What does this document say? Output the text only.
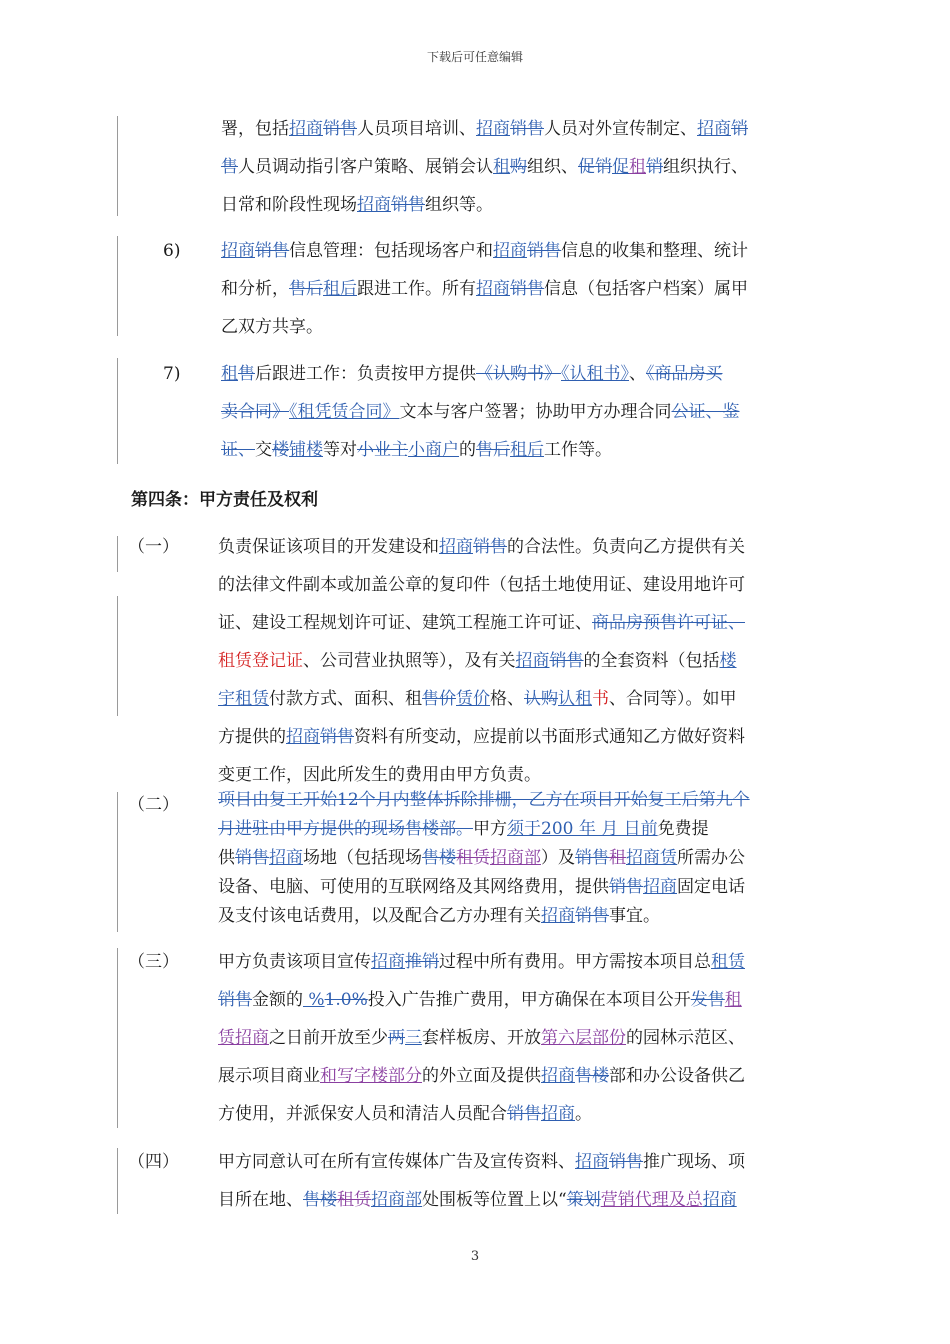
下载后可任意编辑
署，包括招商销售人员项目培训、招商销售人员对外宣传制定、招商销
售人员调动指引客户策略、展销会认租购组织、促销促租销组织执行、
日常和阶段性现场招商销售组织等。
6) 招商销售信息管理：包括现场客户和招商销售信息的收集和整理、统计
和分析，售后租后跟进工作。所有招商销售信息（包括客户档案）属甲
乙双方共享。
7) 租售后跟进工作：负责按甲方提供《认购书》《认租书》、《商品房买
卖合同》《租凭赁合同》文本与客户签署；协助甲方办理合同公证、鉴
证、交楼铺楼等对小业主小商户的售后租后工作等。
第四条：甲方责任及权利
（一） 负责保证该项目的开发建设和招商销售的合法性。负责向乙方提供有关
的法律文件副本或加盖公章的复印件（包括土地使用证、建设用地许可
证、建设工程规划许可证、建筑工程施工许可证、商品房预售许可证、
租赁登记证、公司营业执照等），及有关招商销售的全套资料（包括楼
宇租赁付款方式、面积、租售价赁价格、认购认租书、合同等）。如甲
方提供的招商销售资料有所变动，应提前以书面形式通知乙方做好资料
变更工作，因此所发生的费用由甲方负责。
（二） 项目由复工开始12个月内整体拆除排栅，乙方在项目开始复工后第九个
月进驻由甲方提供的现场售楼部。甲方须于200 年 月 日前免费提
供销售招商场地（包括现场售楼租赁招商部）及销售租招商赁所需办公
设备、电脑、可使用的互联网络及其网络费用，提供销售招商固定电话
及支付该电话费用，以及配合乙方办理有关招商销售事宜。
（三） 甲方负责该项目宣传招商推销过程中所有费用。甲方需按本项目总租赁
销售金额的 %1.0%投入广告推广费用，甲方确保在本项目公开发售租
赁招商之日前开放至少两三套样板房、开放第六层部份的园林示范区、
展示项目商业和写字楼部分的外立面及提供招商售楼部和办公设备供乙
方使用，并派保安人员和清洁人员配合销售招商。
（四） 甲方同意认可在所有宣传媒体广告及宣传资料、招商销售推广现场、项
目所在地、售楼租赁招商部处围板等位置上以“策划营销代理及总招商
3
